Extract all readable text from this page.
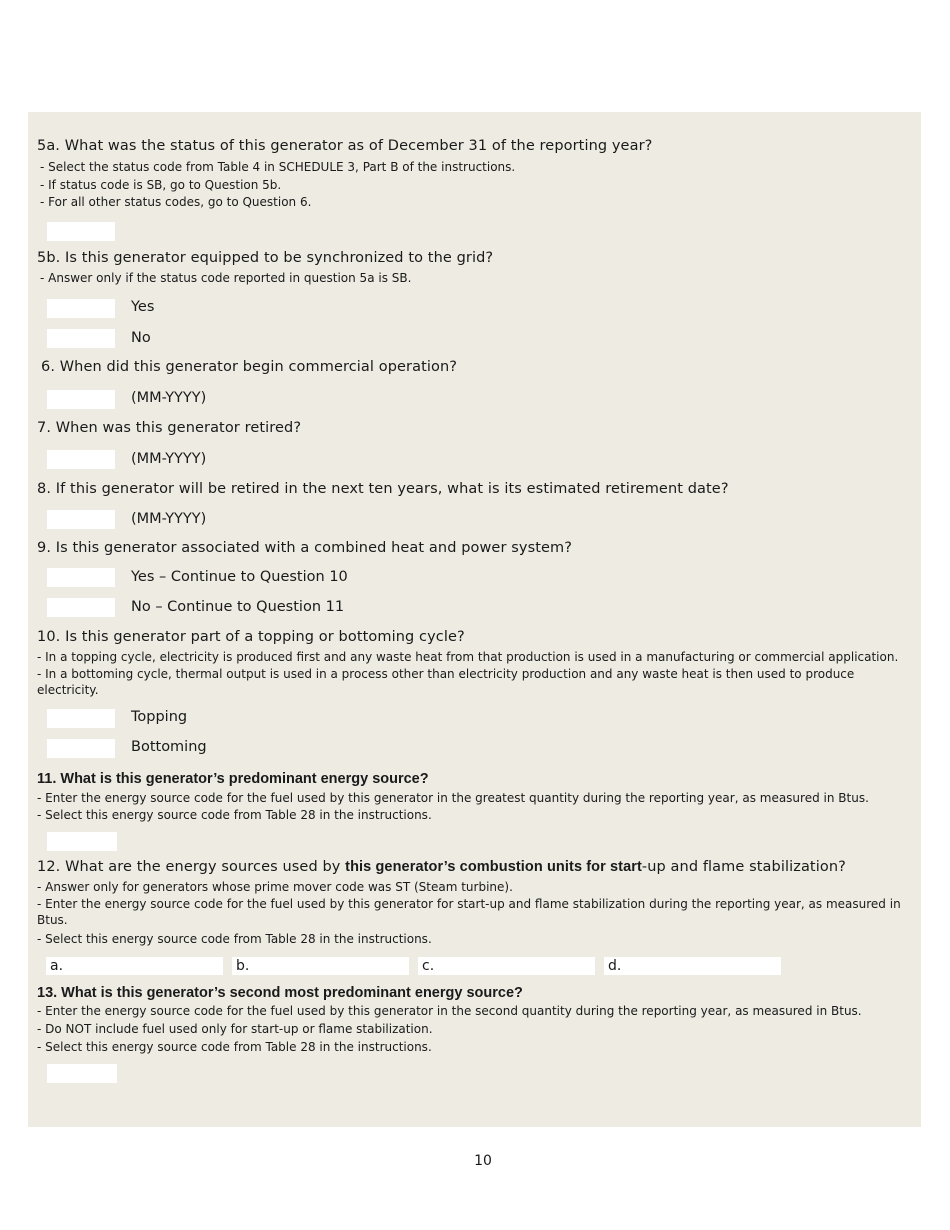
5a. What was the status of this generator as of December 31 of the reporting year?
- Select the status code from Table 4 in SCHEDULE 3, Part B of the instructions.
- If status code is SB, go to Question 5b.
- For all other status codes, go to Question 6.
5b. Is this generator equipped to be synchronized to the grid?
- Answer only if the status code reported in question 5a is SB.
Yes
No
6. When did this generator begin commercial operation?
(MM-YYYY)
7. When was this generator retired?
(MM-YYYY)
8. If this generator will be retired in the next ten years, what is its estimated retirement date?
(MM-YYYY)
9. Is this generator associated with a combined heat and power system?
Yes – Continue to Question 10
No – Continue to Question 11
10. Is this generator part of a topping or bottoming cycle?
- In a topping cycle, electricity is produced first and any waste heat from that production is used in a manufacturing or commercial application.
- In a bottoming cycle, thermal output is used in a process other than electricity production and any waste heat is then used to produce electricity.
Topping
Bottoming
11. What is this generator’s predominant energy source?
- Enter the energy source code for the fuel used by this generator in the greatest quantity during the reporting year, as measured in Btus.
- Select this energy source code from Table 28 in the instructions.
12. What are the energy sources used by this generator’s combustion units for start-up and flame stabilization?
- Answer only for generators whose prime mover code was ST (Steam turbine).
- Enter the energy source code for the fuel used by this generator for start-up and flame stabilization during the reporting year, as measured in Btus.
- Select this energy source code from Table 28 in the instructions.
a.	b.	c.	d.
13. What is this generator’s second most predominant energy source?
- Enter the energy source code for the fuel used by this generator in the second quantity during the reporting year, as measured in Btus.
- Do NOT include fuel used only for start-up or flame stabilization.
- Select this energy source code from Table 28 in the instructions.
10
